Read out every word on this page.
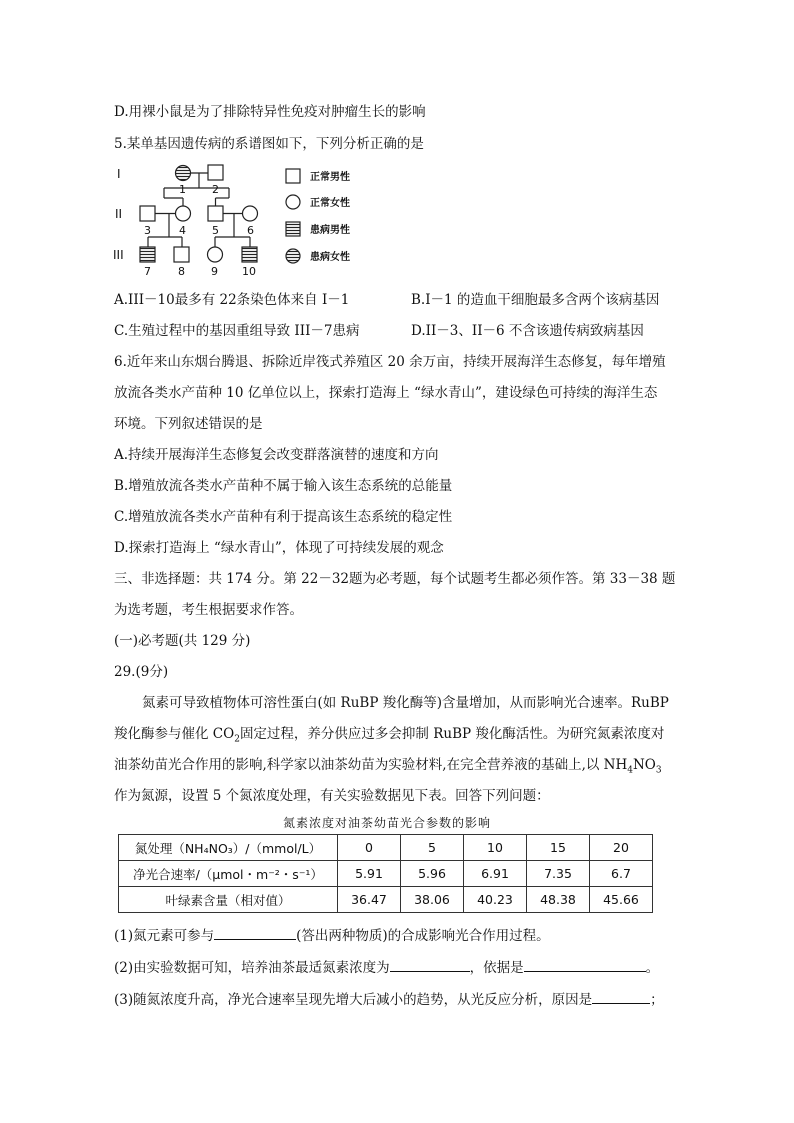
D.用裸小鼠是为了排除特异性免疫对肿瘤生长的影响
5.某单基因遗传病的系谱图如下，下列分析正确的是
I
II
III
1 2
3	4 5	6
7 8 9 10
正常男性
正常女性
患病男性
患病女性
A.III－10最多有 22条染色体来自 I－1	B.I－1 的造血干细胞最多含两个该病基因
C.生殖过程中的基因重组导致 III－7患病	D.II－3、II－6 不含该遗传病致病基因
6.近年来山东烟台腾退、拆除近岸筏式养殖区 20 余万亩，持续开展海洋生态修复，每年增殖
放流各类水产苗种 10 亿单位以上，探索打造海上 “绿水青山”，建设绿色可持续的海洋生态
环境。下列叙述错误的是
A.持续开展海洋生态修复会改变群落演替的速度和方向
B.增殖放流各类水产苗种不属于输入该生态系统的总能量
C.增殖放流各类水产苗种有利于提高该生态系统的稳定性
D.探索打造海上 “绿水青山”，体现了可持续发展的观念
三、非选择题：共 174 分。第 22－32题为必考题，每个试题考生都必须作答。第 33－38 题
为选考题，考生根据要求作答。
(一)必考题(共 129 分)
29.(9分)
氮素可导致植物体可溶性蛋白(如 RuBP 羧化酶等)含量增加，从而影响光合速率。RuBP
羧化酶参与催化 $CO_2$固定过程，养分供应过多会抑制 RuBP 羧化酶活性。为研究氮素浓度对
油茶幼苗光合作用的影响,科学家以油茶幼苗为实验材料,在完全营养液的基础上,以 $NH_4NO_3$
作为氮源，设置 5 个氮浓度处理，有关实验数据见下表。回答下列问题：
氮素浓度对油茶幼苗光合参数的影响
氮处理（NH₄NO₃）/（mmol/L）	0	5	10	15	20
净光合速率/（μmol・m⁻²・s⁻¹）	5.91	5.96	6.91	7.35	6.7
叶绿素含量（相对值）	36.47	38.06	40.23	48.38	45.66
(1)氮元素可参与	(答出两种物质)的合成影响光合作用过程。
(2)由实验数据可知，培养油茶最适氮素浓度为	，依据是	。
(3)随氮浓度升高，净光合速率呈现先增大后减小的趋势，从光反应分析，原因是	；
